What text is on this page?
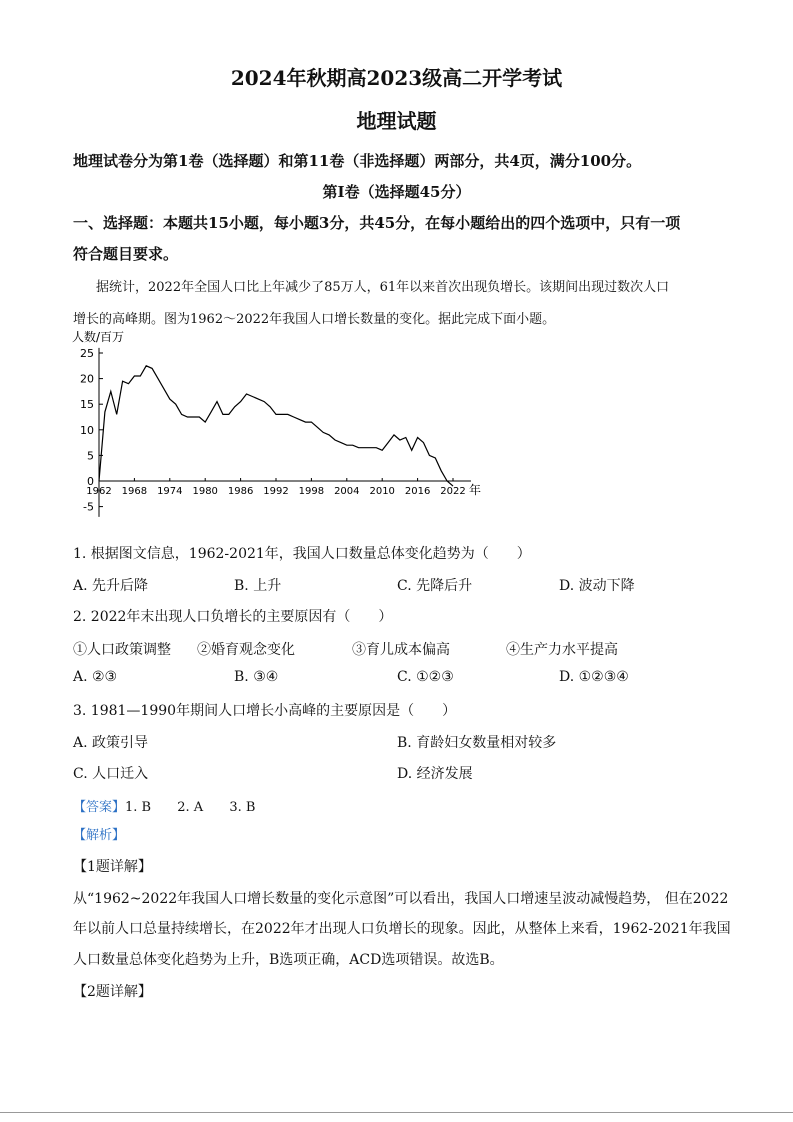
2024年秋期高2023级高二开学考试
地理试题
地理试卷分为第1卷（选择题）和第11卷（非选择题）两部分，共4页，满分100分。
第Ⅰ卷（选择题45分）
一、选择题：本题共15小题，每小题3分，共45分，在每小题给出的四个选项中，只有一项
符合题目要求。
据统计，2022年全国人口比上年减少了85万人，61年以来首次出现负增长。该期间出现过数次人口
增长的高峰期。图为1962～2022年我国人口增长数量的变化。据此完成下面小题。
25
20
15
10
5
0
-5
1962 1968 1974 1980 1986 1992 1998 2004 2010 2016 2022
人数/百万
年
1. 根据图文信息，1962-2021年，我国人口数量总体变化趋势为（　　）
A. 先升后降	B. 上升	C. 先降后升	D. 波动下降
2. 2022年末出现人口负增长的主要原因有（　　）
①人口政策调整 ②婚育观念变化	③育儿成本偏高	④生产力水平提高
A. ②③	B. ③④	C. ①②③	D. ①②③④
3. 1981—1990年期间人口增长小高峰的主要原因是（　　）
A. 政策引导	B. 育龄妇女数量相对较多
C. 人口迁入	D. 经济发展
【答案】1. B 2. A 3. B
【解析】
【1题详解】
从“1962~2022年我国人口增长数量的变化示意图”可以看出，我国人口增速呈波动减慢趋势， 但在2022
年以前人口总量持续增长，在2022年才出现人口负增长的现象。因此，从整体上来看，1962-2021年我国
人口数量总体变化趋势为上升，B选项正确，ACD选项错误。故选B。
【2题详解】
